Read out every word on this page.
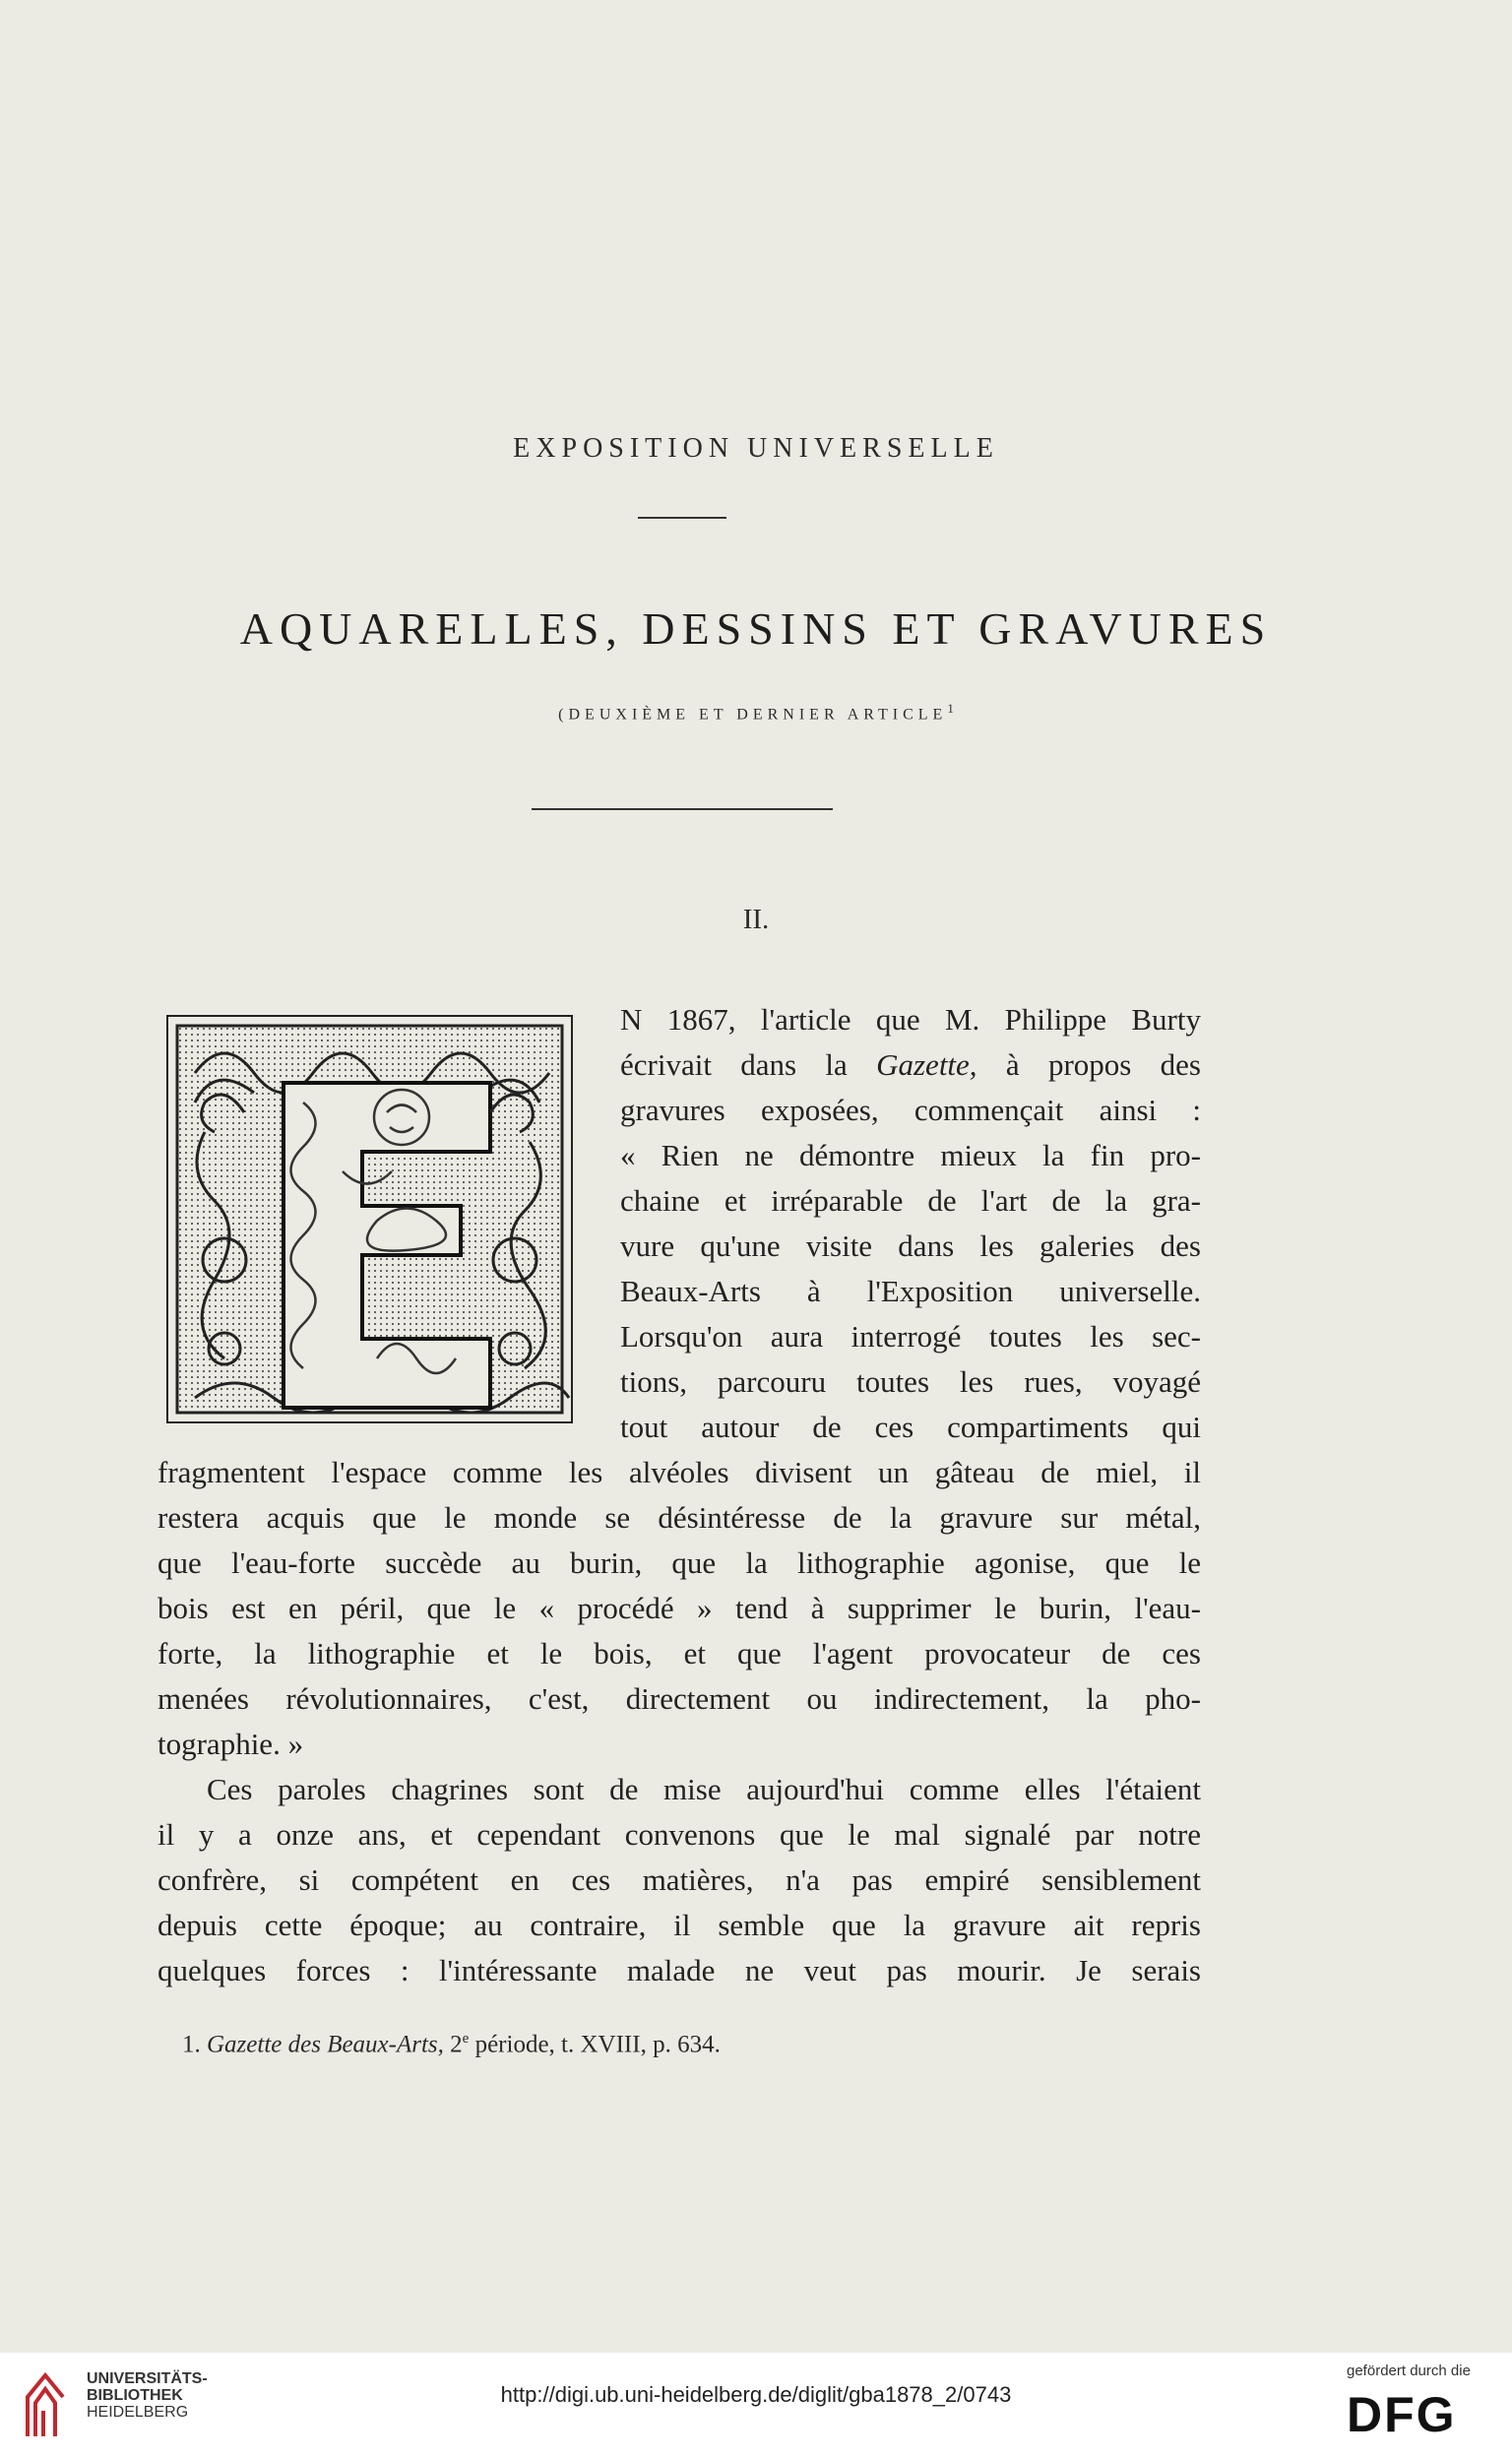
EXPOSITION UNIVERSELLE
AQUARELLES, DESSINS ET GRAVURES
(DEUXIÈME ET DERNIER ARTICLE$^1$
II.
N 1867, l'article que M. Philippe Burty
écrivait dans la Gazette, à propos des
gravures exposées, commençait ainsi :
« Rien ne démontre mieux la fin pro-
chaine et irréparable de l'art de la gra-
vure qu'une visite dans les galeries des
Beaux-Arts à l'Exposition universelle.
Lorsqu'on aura interrogé toutes les sec-
tions, parcouru toutes les rues, voyagé
tout autour de ces compartiments qui
fragmentent l'espace comme les alvéoles divisent un gâteau de miel, il
restera acquis que le monde se désintéresse de la gravure sur métal,
que l'eau-forte succède au burin, que la lithographie agonise, que le
bois est en péril, que le « procédé » tend à supprimer le burin, l'eau-
forte, la lithographie et le bois, et que l'agent provocateur de ces
menées révolutionnaires, c'est, directement ou indirectement, la pho-
tographie. »
Ces paroles chagrines sont de mise aujourd'hui comme elles l'étaient
il y a onze ans, et cependant convenons que le mal signalé par notre
confrère, si compétent en ces matières, n'a pas empiré sensiblement
depuis cette époque; au contraire, il semble que la gravure ait repris
quelques forces : l'intéressante malade ne veut pas mourir. Je serais
1. Gazette des Beaux-Arts, 2e période, t. XVIII, p. 634.
UNIVERSITÄTS-
BIBLIOTHEK
HEIDELBERG
http://digi.ub.uni-heidelberg.de/diglit/gba1878_2/0743
gefördert durch die
DFG
